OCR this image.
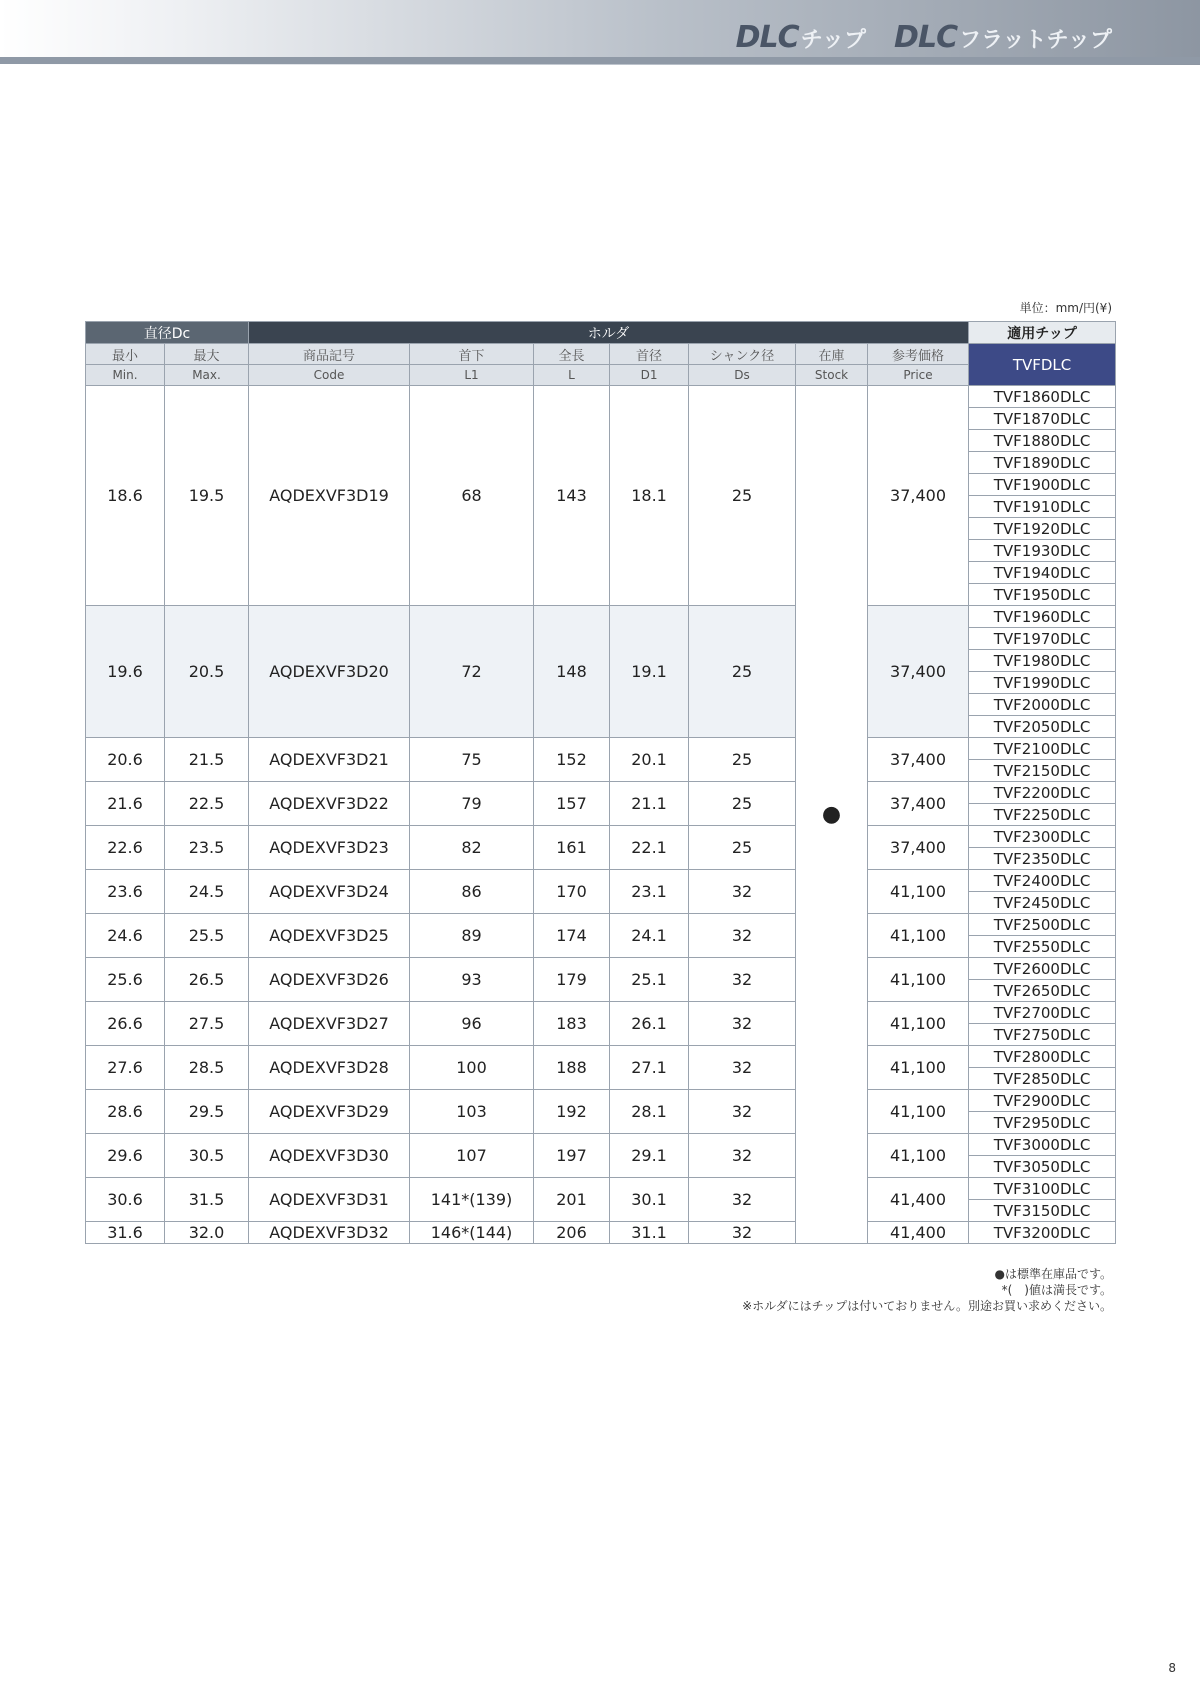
DLC チップ DLC フラットチップ
単位：mm/円(¥)
直径Dc		ホルダ							適用チップ
最小	最大	商品記号	首下	全長	首径	シャンク径	在庫	参考価格	TVFDLC
Min.	Max.	Code	L1	L	D1	Ds	Stock	Price	
18.6	19.5	AQDEXVF3D19	68	143	18.1	25	●	37,400	TVF1860DLC
									TVF1870DLC
									TVF1880DLC
									TVF1890DLC
									TVF1900DLC
									TVF1910DLC
									TVF1920DLC
									TVF1930DLC
									TVF1940DLC
									TVF1950DLC
19.6	20.5	AQDEXVF3D20	72	148	19.1	25		37,400	TVF1960DLC
									TVF1970DLC
									TVF1980DLC
									TVF1990DLC
									TVF2000DLC
									TVF2050DLC
20.6	21.5	AQDEXVF3D21	75	152	20.1	25		37,400	TVF2100DLC
									TVF2150DLC
21.6	22.5	AQDEXVF3D22	79	157	21.1	25		37,400	TVF2200DLC
									TVF2250DLC
22.6	23.5	AQDEXVF3D23	82	161	22.1	25		37,400	TVF2300DLC
									TVF2350DLC
23.6	24.5	AQDEXVF3D24	86	170	23.1	32		41,100	TVF2400DLC
									TVF2450DLC
24.6	25.5	AQDEXVF3D25	89	174	24.1	32		41,100	TVF2500DLC
									TVF2550DLC
25.6	26.5	AQDEXVF3D26	93	179	25.1	32		41,100	TVF2600DLC
									TVF2650DLC
26.6	27.5	AQDEXVF3D27	96	183	26.1	32		41,100	TVF2700DLC
									TVF2750DLC
27.6	28.5	AQDEXVF3D28	100	188	27.1	32		41,100	TVF2800DLC
									TVF2850DLC
28.6	29.5	AQDEXVF3D29	103	192	28.1	32		41,100	TVF2900DLC
									TVF2950DLC
29.6	30.5	AQDEXVF3D30	107	197	29.1	32		41,100	TVF3000DLC
									TVF3050DLC
30.6	31.5	AQDEXVF3D31	141*(139)	201	30.1	32		41,400	TVF3100DLC
									TVF3150DLC
31.6	32.0	AQDEXVF3D32	146*(144)	206	31.1	32		41,400	TVF3200DLC
●は標準在庫品です。
*(　)値は満長です。
※ホルダにはチップは付いておりません。別途お買い求めください。
8
